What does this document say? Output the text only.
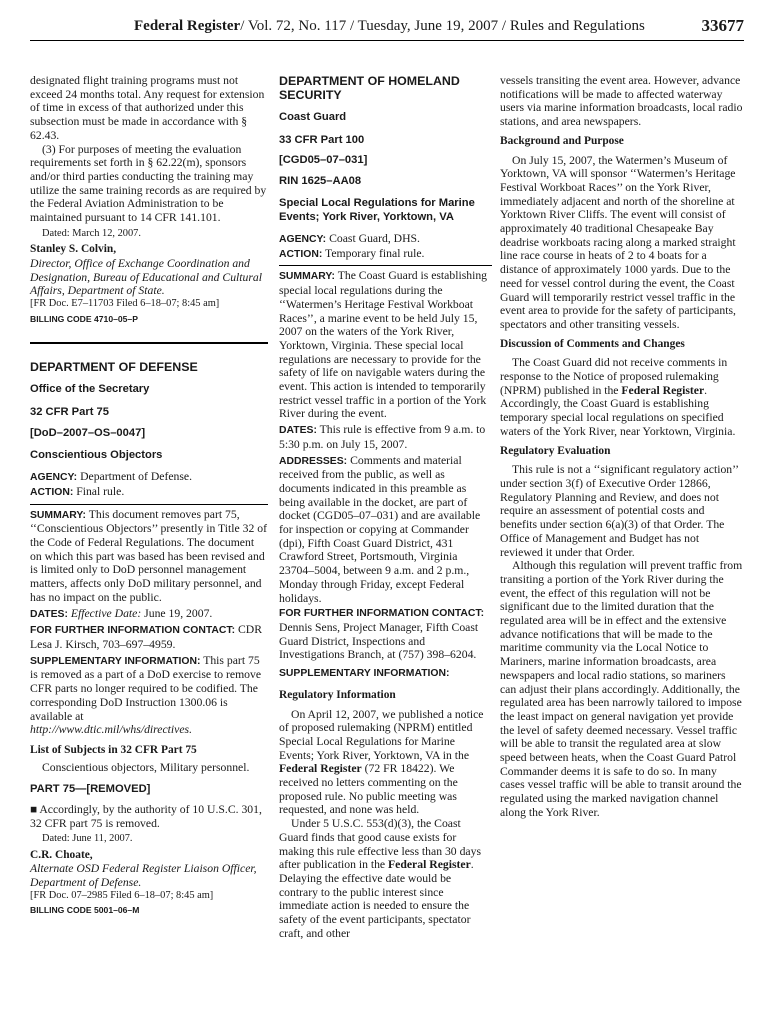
Federal Register/ Vol. 72, No. 117 / Tuesday, June 19, 2007 / Rules and Regulations	33677

designated flight training programs must not exceed 24 months total. Any request for extension of time in excess of that authorized under this subsection must be made in accordance with § 62.43.

(3) For purposes of meeting the evaluation requirements set forth in § 62.22(m), sponsors and/or third parties conducting the training may utilize the same training records as are required by the Federal Aviation Administration to be maintained pursuant to 14 CFR 141.101.

Dated: March 12, 2007.

Stanley S. Colvin,

Director, Office of Exchange Coordination and Designation, Bureau of Educational and Cultural Affairs, Department of State.

[FR Doc. E7–11703 Filed 6–18–07; 8:45 am]

BILLING CODE 4710–05–P

DEPARTMENT OF DEFENSE

Office of the Secretary

32 CFR Part 75

[DoD–2007–OS–0047]

Conscientious Objectors

AGENCY: Department of Defense.

ACTION: Final rule.

SUMMARY: This document removes part 75, ‘‘Conscientious Objectors’’ presently in Title 32 of the Code of Federal Regulations. The document on which this part was based has been revised and is limited only to DoD personnel management matters, affects only DoD military personnel, and has no impact on the public.

DATES: Effective Date: June 19, 2007.

FOR FURTHER INFORMATION CONTACT: CDR Lesa J. Kirsch, 703–697–4959.

SUPPLEMENTARY INFORMATION: This part 75 is removed as a part of a DoD exercise to remove CFR parts no longer required to be codified. The corresponding DoD Instruction 1300.06 is available at

http://www.dtic.mil/whs/directives.

List of Subjects in 32 CFR Part 75

Conscientious objectors, Military personnel.

PART 75—[REMOVED]

■ Accordingly, by the authority of 10 U.S.C. 301, 32 CFR part 75 is removed.

Dated: June 11, 2007.

C.R. Choate,

Alternate OSD Federal Register Liaison Officer, Department of Defense.

[FR Doc. 07–2985 Filed 6–18–07; 8:45 am]

BILLING CODE 5001–06–M

DEPARTMENT OF HOMELAND SECURITY

Coast Guard

33 CFR Part 100

[CGD05–07–031]

RIN 1625–AA08

Special Local Regulations for Marine Events; York River, Yorktown, VA

AGENCY: Coast Guard, DHS.

ACTION: Temporary final rule.

SUMMARY: The Coast Guard is establishing special local regulations during the ‘‘Watermen’s Heritage Festival Workboat Races’’, a marine event to be held July 15, 2007 on the waters of the York River, Yorktown, Virginia. These special local regulations are necessary to provide for the safety of life on navigable waters during the event. This action is intended to temporarily restrict vessel traffic in a portion of the York River during the event.

DATES: This rule is effective from 9 a.m. to 5:30 p.m. on July 15, 2007.

ADDRESSES: Comments and material received from the public, as well as documents indicated in this preamble as being available in the docket, are part of docket (CGD05–07–031) and are available for inspection or copying at Commander (dpi), Fifth Coast Guard District, 431 Crawford Street, Portsmouth, Virginia 23704–5004, between 9 a.m. and 2 p.m., Monday through Friday, except Federal holidays.

FOR FURTHER INFORMATION CONTACT:

Dennis Sens, Project Manager, Fifth Coast Guard District, Inspections and Investigations Branch, at (757) 398–6204.

SUPPLEMENTARY INFORMATION:

Regulatory Information

On April 12, 2007, we published a notice of proposed rulemaking (NPRM) entitled Special Local Regulations for Marine Events; York River, Yorktown, VA in the Federal Register (72 FR 18422). We received no letters commenting on the proposed rule. No public meeting was requested, and none was held.

Under 5 U.S.C. 553(d)(3), the Coast Guard finds that good cause exists for making this rule effective less than 30 days after publication in the Federal Register. Delaying the effective date would be contrary to the public interest since immediate action is needed to ensure the safety of the event participants, spectator craft, and other

vessels transiting the event area. However, advance notifications will be made to affected waterway users via marine information broadcasts, local radio stations, and area newspapers.

Background and Purpose

On July 15, 2007, the Watermen’s Museum of Yorktown, VA will sponsor ‘‘Watermen’s Heritage Festival Workboat Races’’ on the York River, immediately adjacent and north of the shoreline at Yorktown River Cliffs. The event will consist of approximately 40 traditional Chesapeake Bay deadrise workboats racing along a marked straight line race course in heats of 2 to 4 boats for a distance of approximately 1000 yards. Due to the need for vessel control during the event, the Coast Guard will temporarily restrict vessel traffic in the event area to provide for the safety of participants, spectators and other transiting vessels.

Discussion of Comments and Changes

The Coast Guard did not receive comments in response to the Notice of proposed rulemaking (NPRM) published in the Federal Register. Accordingly, the Coast Guard is establishing temporary special local regulations on specified waters of the York River, near Yorktown, Virginia.

Regulatory Evaluation

This rule is not a ‘‘significant regulatory action’’ under section 3(f) of Executive Order 12866, Regulatory Planning and Review, and does not require an assessment of potential costs and benefits under section 6(a)(3) of that Order. The Office of Management and Budget has not reviewed it under that Order.

Although this regulation will prevent traffic from transiting a portion of the York River during the event, the effect of this regulation will not be significant due to the limited duration that the regulated area will be in effect and the extensive advance notifications that will be made to the maritime community via the Local Notice to Mariners, marine information broadcasts, area newspapers and local radio stations, so mariners can adjust their plans accordingly. Additionally, the regulated area has been narrowly tailored to impose the least impact on general navigation yet provide the level of safety deemed necessary. Vessel traffic will be able to transit the regulated area at slow speed between heats, when the Coast Guard Patrol Commander deems it is safe to do so. In many cases vessel traffic will be able to transit around the regulated using the marked navigation channel along the York River.
